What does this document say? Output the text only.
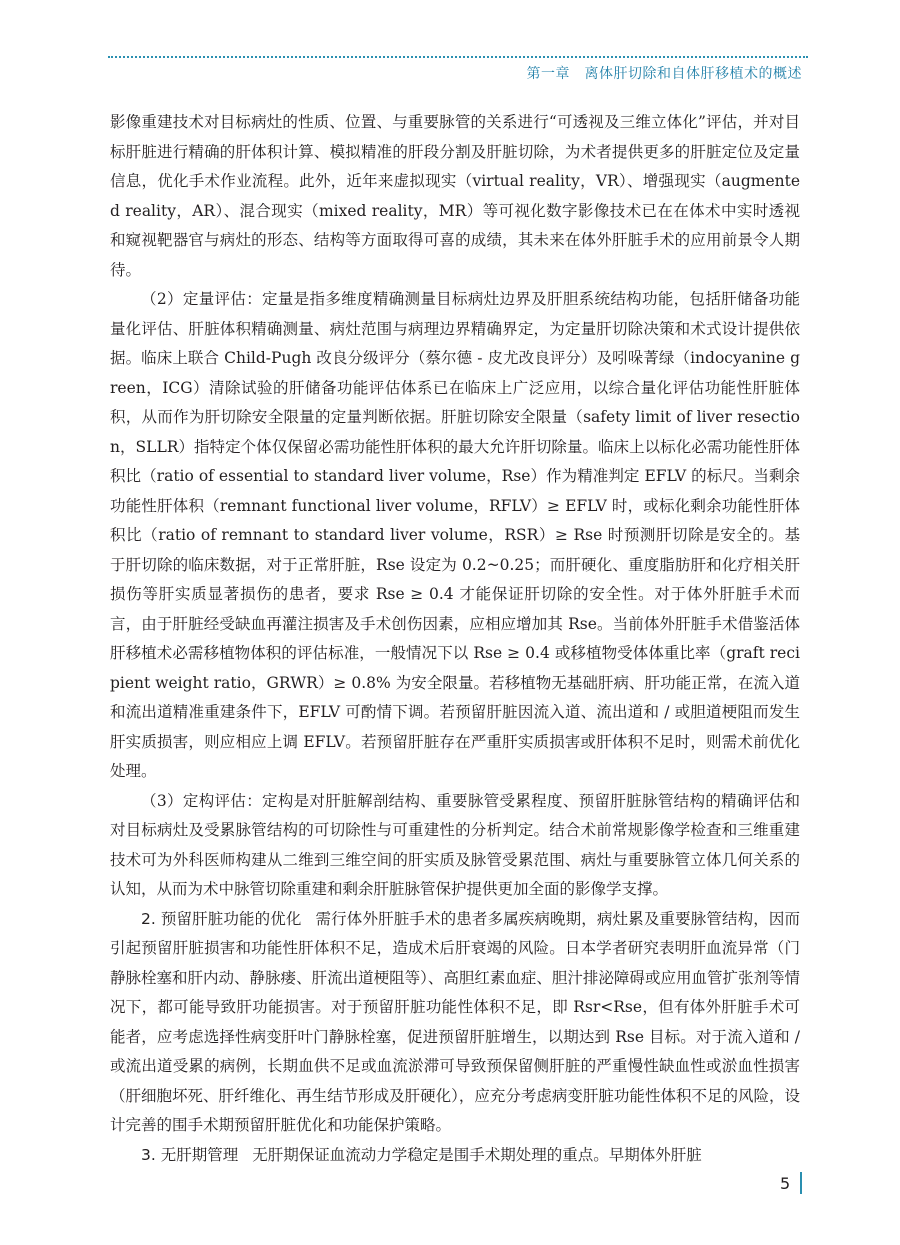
第一章　离体肝切除和自体肝移植术的概述

影像重建技术对目标病灶的性质、位置、与重要脉管的关系进行“可透视及三维立体化”评估，并对目标肝脏进行精确的肝体积计算、模拟精准的肝段分割及肝脏切除，为术者提供更多的肝脏定位及定量信息，优化手术作业流程。此外，近年来虚拟现实（virtual reality，VR）、增强现实（augmented reality，AR）、混合现实（mixed reality，MR）等可视化数字影像技术已在在体术中实时透视和窥视靶器官与病灶的形态、结构等方面取得可喜的成绩，其未来在体外肝脏手术的应用前景令人期待。

（2）定量评估：定量是指多维度精确测量目标病灶边界及肝胆系统结构功能，包括肝储备功能量化评估、肝脏体积精确测量、病灶范围与病理边界精确界定，为定量肝切除决策和术式设计提供依据。临床上联合 Child-Pugh 改良分级评分（蔡尔德 - 皮尤改良评分）及吲哚菁绿（indocyanine green，ICG）清除试验的肝储备功能评估体系已在临床上广泛应用，以综合量化评估功能性肝脏体积，从而作为肝切除安全限量的定量判断依据。肝脏切除安全限量（safety limit of liver resection，SLLR）指特定个体仅保留必需功能性肝体积的最大允许肝切除量。临床上以标化必需功能性肝体积比（ratio of essential to standard liver volume，Rse）作为精准判定 EFLV 的标尺。当剩余功能性肝体积（remnant functional liver volume，RFLV）≥ EFLV 时，或标化剩余功能性肝体积比（ratio of remnant to standard liver volume，RSR）≥ Rse 时预测肝切除是安全的。基于肝切除的临床数据，对于正常肝脏，Rse 设定为 0.2~0.25；而肝硬化、重度脂肪肝和化疗相关肝损伤等肝实质显著损伤的患者，要求 Rse ≥ 0.4 才能保证肝切除的安全性。对于体外肝脏手术而言，由于肝脏经受缺血再灌注损害及手术创伤因素，应相应增加其 Rse。当前体外肝脏手术借鉴活体肝移植术必需移植物体积的评估标准，一般情况下以 Rse ≥ 0.4 或移植物受体体重比率（graft recipient weight ratio，GRWR）≥ 0.8% 为安全限量。若移植物无基础肝病、肝功能正常，在流入道和流出道精准重建条件下，EFLV 可酌情下调。若预留肝脏因流入道、流出道和 / 或胆道梗阻而发生肝实质损害，则应相应上调 EFLV。若预留肝脏存在严重肝实质损害或肝体积不足时，则需术前优化处理。

（3）定构评估：定构是对肝脏解剖结构、重要脉管受累程度、预留肝脏脉管结构的精确评估和对目标病灶及受累脉管结构的可切除性与可重建性的分析判定。结合术前常规影像学检查和三维重建技术可为外科医师构建从二维到三维空间的肝实质及脉管受累范围、病灶与重要脉管立体几何关系的认知，从而为术中脉管切除重建和剩余肝脏脉管保护提供更加全面的影像学支撑。

2. 预留肝脏功能的优化 需行体外肝脏手术的患者多属疾病晚期，病灶累及重要脉管结构，因而引起预留肝脏损害和功能性肝体积不足，造成术后肝衰竭的风险。日本学者研究表明肝血流异常（门静脉栓塞和肝内动、静脉瘘、肝流出道梗阻等）、高胆红素血症、胆汁排泌障碍或应用血管扩张剂等情况下，都可能导致肝功能损害。对于预留肝脏功能性体积不足，即 Rsr<Rse，但有体外肝脏手术可能者，应考虑选择性病变肝叶门静脉栓塞，促进预留肝脏增生，以期达到 Rse 目标。对于流入道和 / 或流出道受累的病例，长期血供不足或血流淤滞可导致预保留侧肝脏的严重慢性缺血性或淤血性损害（肝细胞坏死、肝纤维化、再生结节形成及肝硬化），应充分考虑病变肝脏功能性体积不足的风险，设计完善的围手术期预留肝脏优化和功能保护策略。

3. 无肝期管理 无肝期保证血流动力学稳定是围手术期处理的重点。早期体外肝脏

5
